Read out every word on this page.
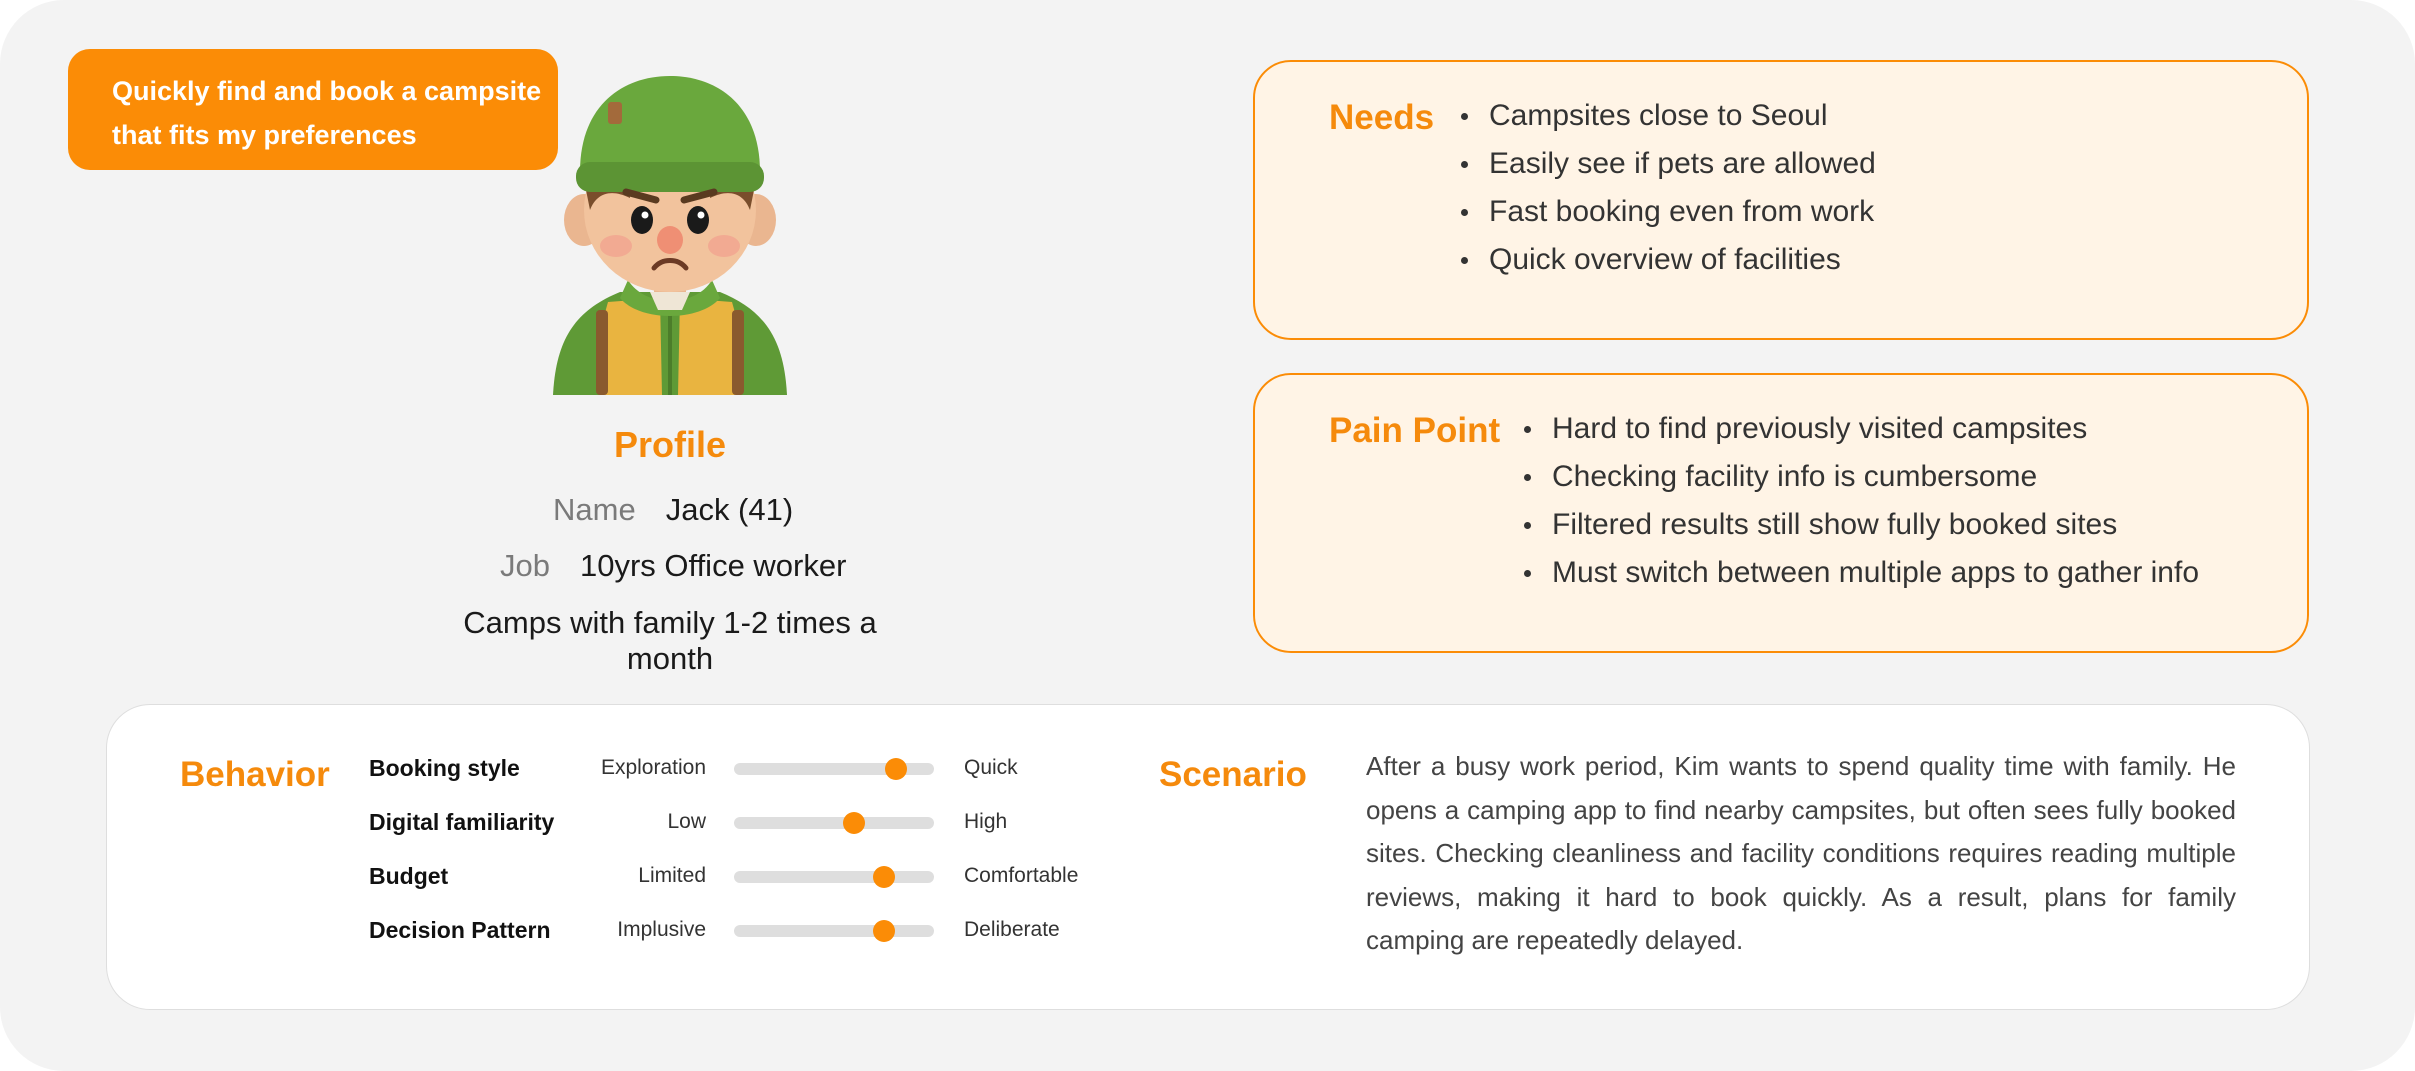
Quickly find and book a campsite
that fits my preferences
Profile
Name Jack (41)
Job 10yrs Office worker
Camps with family 1-2 times a month
Needs	Campsites close to Seoul
Easily see if pets are allowed
Fast booking even from work
Quick overview of facilities
Pain Point	Hard to find previously visited campsites
Checking facility info is cumbersome
Filtered results still show fully booked sites
Must switch between multiple apps to gather info
Behavior Booking style	Exploration	Quick
Digital familiarity	Low	High
Budget	Limited	Comfortable
Decision Pattern	Implusive	Deliberate
Scenario After a busy work period, Kim wants to spend quality time with family. He opens a camping app to find nearby campsites, but often sees fully booked sites. Checking cleanliness and facility conditions requires reading multiple reviews, making it hard to book quickly. As a result, plans for family camping are repeatedly delayed.
